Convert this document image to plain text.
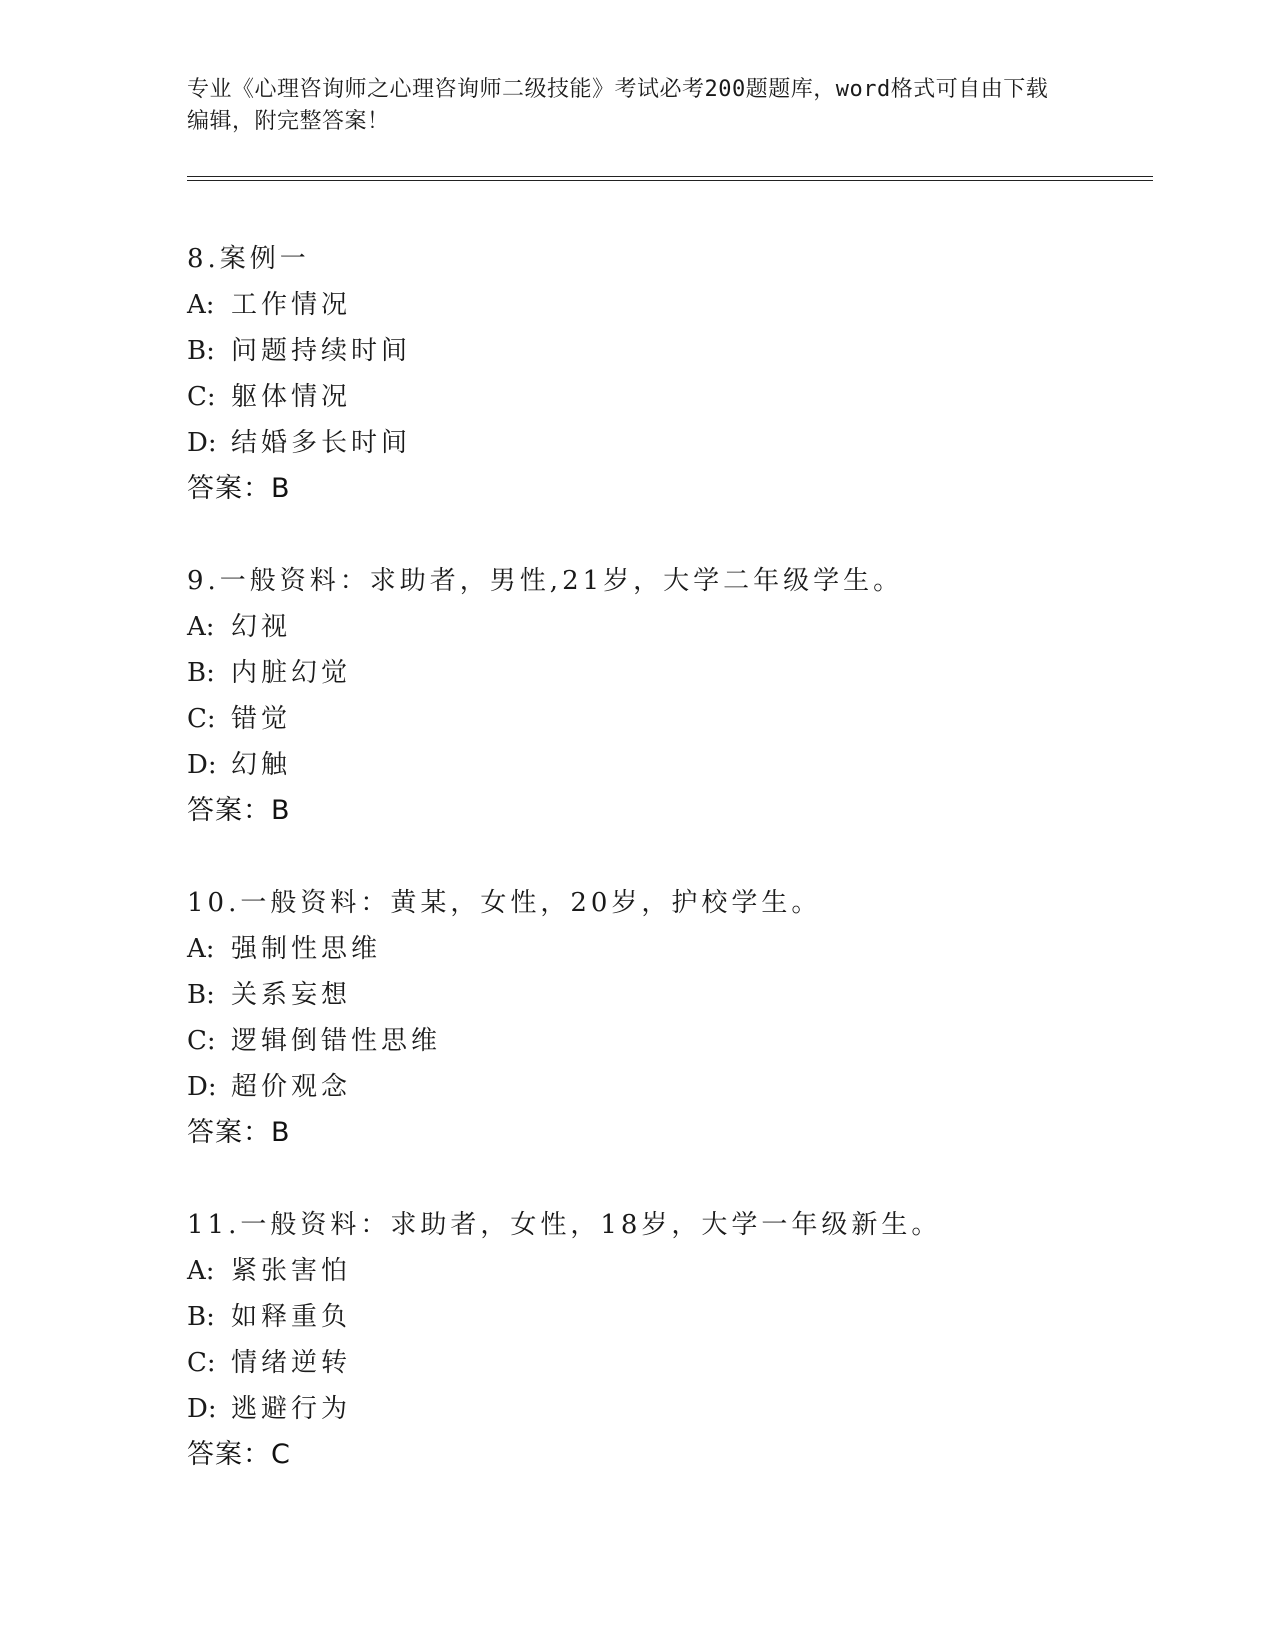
专业《心理咨询师之心理咨询师二级技能》考试必考200题题库，word格式可自由下载编辑，附完整答案！
8.案例一
A: 工作情况
B: 问题持续时间
C: 躯体情况
D: 结婚多长时间
答案：B
9.一般资料：求助者，男性,21岁，大学二年级学生。
A: 幻视
B: 内脏幻觉
C: 错觉
D: 幻触
答案：B
10.一般资料：黄某，女性，20岁，护校学生。
A: 强制性思维
B: 关系妄想
C: 逻辑倒错性思维
D: 超价观念
答案：B
11.一般资料：求助者，女性，18岁，大学一年级新生。
A: 紧张害怕
B: 如释重负
C: 情绪逆转
D: 逃避行为
答案：C
